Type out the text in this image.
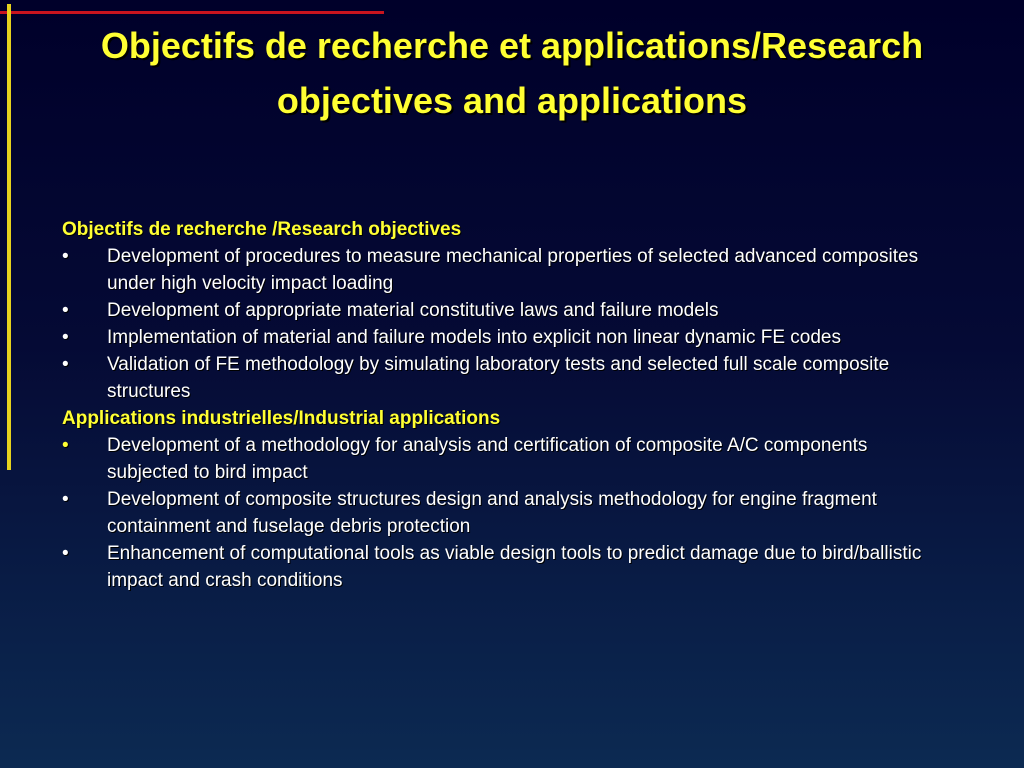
Objectifs de recherche et applications/Research objectives and applications
Objectifs de recherche /Research objectives
• Development of procedures to measure mechanical properties of selected advanced composites under high velocity impact loading
• Development of appropriate material constitutive laws and failure models
• Implementation of material and failure models into explicit non linear dynamic FE codes
• Validation of FE methodology by simulating laboratory tests and selected full scale composite structures
Applications industrielles/Industrial applications
• Development of a methodology for analysis and certification of composite A/C components subjected to bird impact
• Development of composite structures design and analysis methodology for engine fragment containment and fuselage debris protection
• Enhancement of computational tools as viable design tools to predict damage due to bird/ballistic impact and crash conditions
